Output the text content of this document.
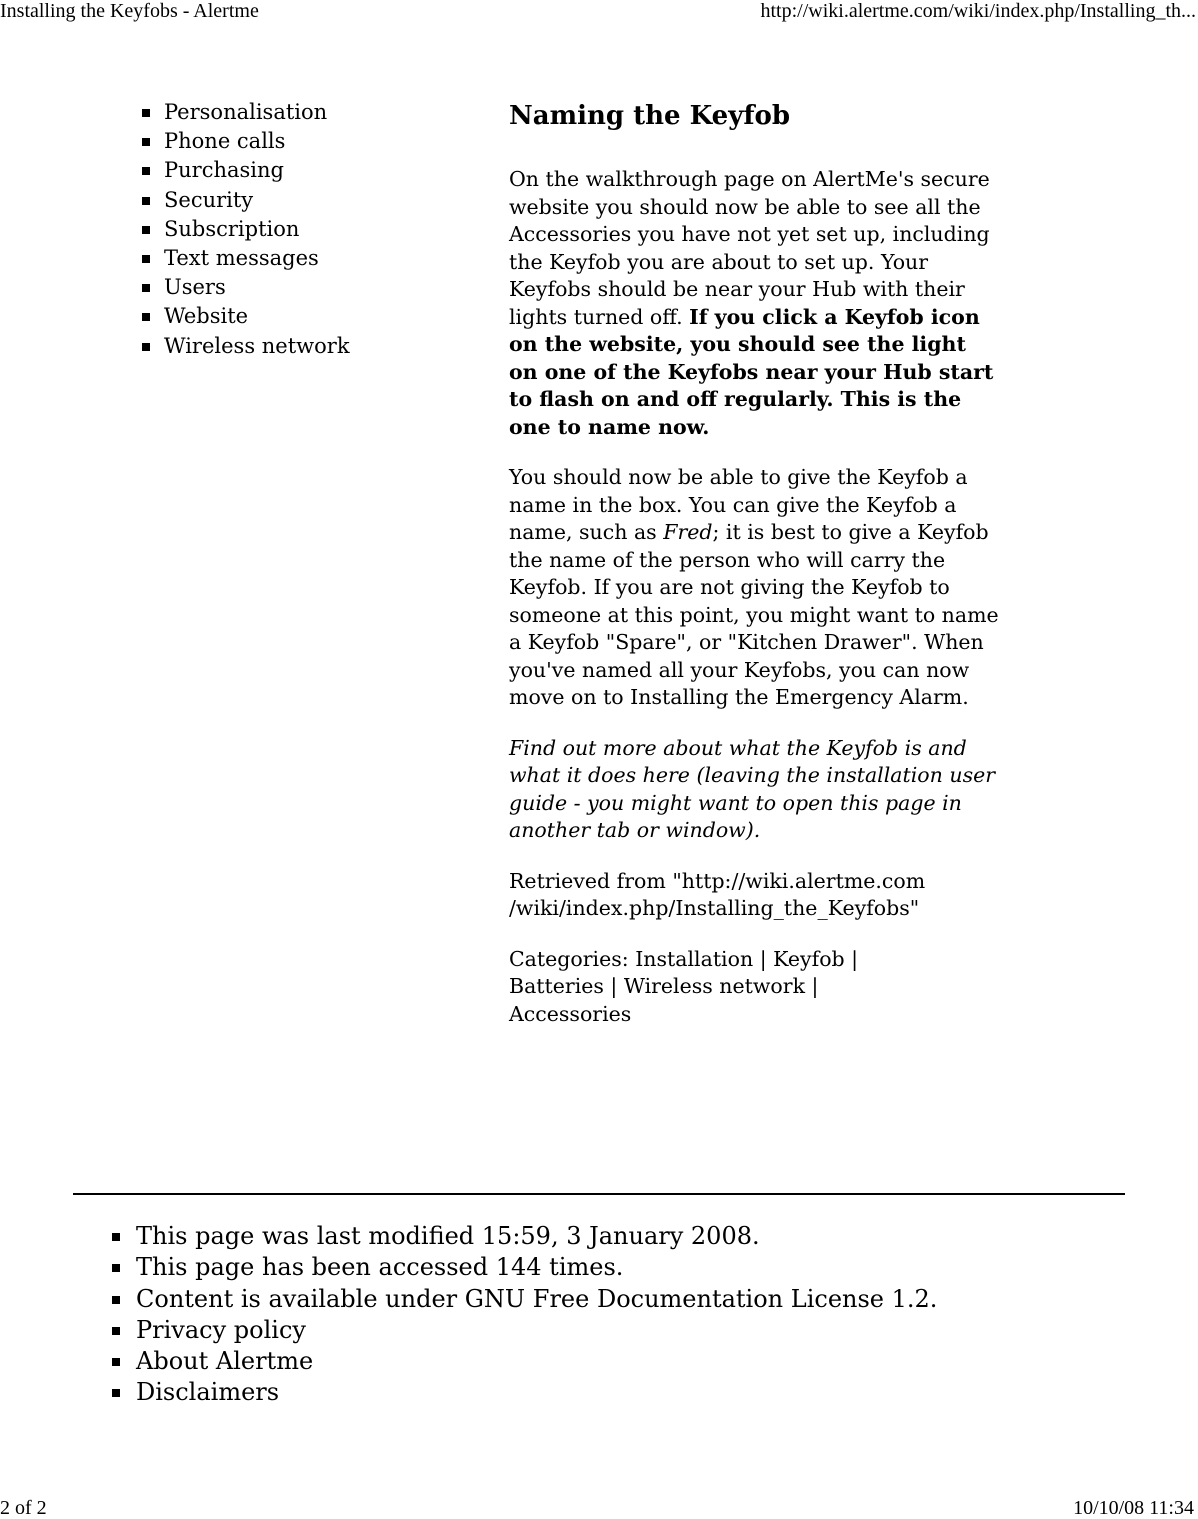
Installing the Keyfobs - Alertme	http://wiki.alertme.com/wiki/index.php/Installing_th...
Personalisation
Phone calls
Purchasing
Security
Subscription
Text messages
Users
Website
Wireless network
Naming the Keyfob

On the walkthrough page on AlertMe's secure website you should now be able to see all the Accessories you have not yet set up, including the Keyfob you are about to set up. Your Keyfobs should be near your Hub with their lights turned off. If you click a Keyfob icon on the website, you should see the light on one of the Keyfobs near your Hub start to flash on and off regularly. This is the one to name now.

You should now be able to give the Keyfob a name in the box. You can give the Keyfob a name, such as Fred; it is best to give a Keyfob the name of the person who will carry the Keyfob. If you are not giving the Keyfob to someone at this point, you might want to name a Keyfob "Spare", or "Kitchen Drawer". When you've named all your Keyfobs, you can now move on to Installing the Emergency Alarm.

Find out more about what the Keyfob is and what it does here (leaving the installation user guide - you might want to open this page in another tab or window).

Retrieved from "http://wiki.alertme.com
/wiki/index.php/Installing_the_Keyfobs"

Categories: Installation | Keyfob |
Batteries | Wireless network |
Accessories

This page was last modified 15:59, 3 January 2008.
This page has been accessed 144 times.
Content is available under GNU Free Documentation License 1.2.
Privacy policy
About Alertme
Disclaimers
2 of 2	10/10/08 11:34
